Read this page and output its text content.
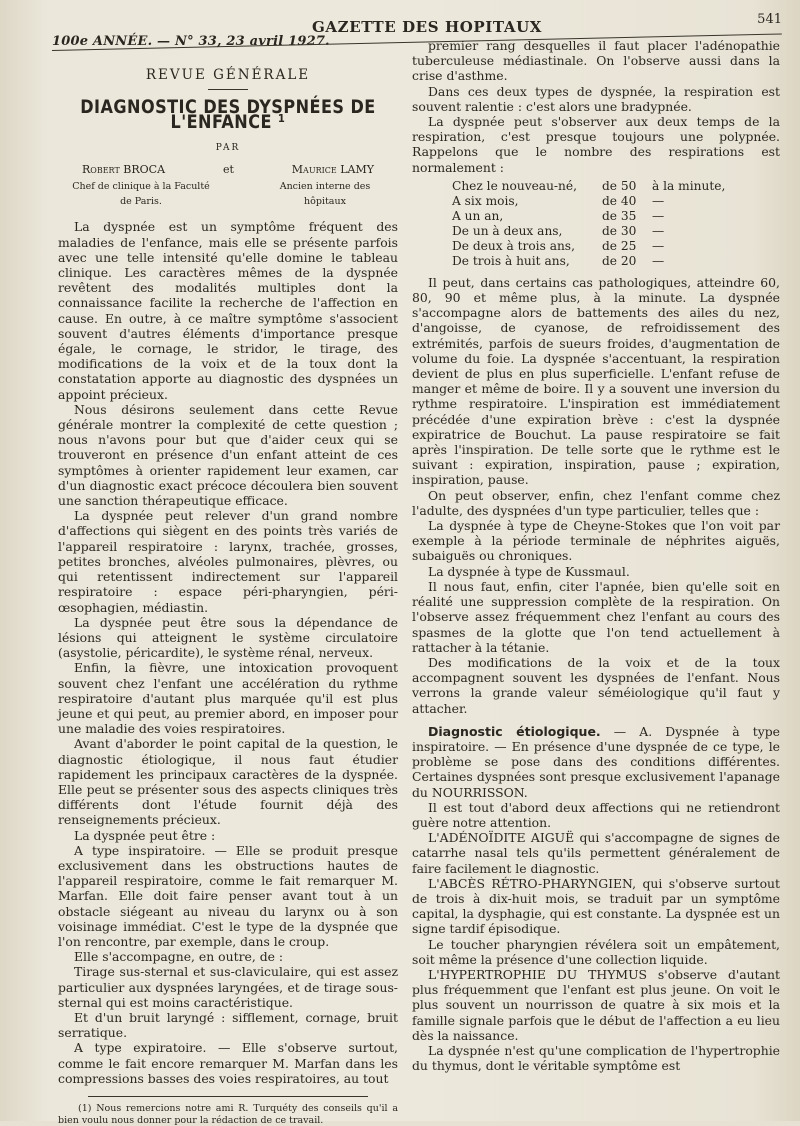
100e ANNÉE. — N° 33, 23 avril 1927.
GAZETTE DES HOPITAUX	541
REVUE GÉNÉRALE
DIAGNOSTIC DES DYSPNÉES DE L'ENFANCE ¹
PAR
Robert BROCA	et	Maurice LAMY
Chef de clinique à la Faculté de Paris.
Ancien interne des hôpitaux

La dyspnée est un symptôme fréquent des maladies de l'enfance, mais elle se présente parfois avec une telle intensité qu'elle domine le tableau clinique. Les caractères mêmes de la dyspnée revêtent des modalités multiples dont la connaissance facilite la recherche de l'affection en cause. En outre, à ce maître symptôme s'associent souvent d'autres éléments d'importance presque égale, le cornage, le stridor, le tirage, des modifications de la voix et de la toux dont la constatation apporte au diagnostic des dyspnées un appoint précieux.

Nous désirons seulement dans cette Revue générale montrer la complexité de cette question ; nous n'avons pour but que d'aider ceux qui se trouveront en présence d'un enfant atteint de ces symptômes à orienter rapidement leur examen, car d'un diagnostic exact précoce découlera bien souvent une sanction thérapeutique efficace.

La dyspnée peut relever d'un grand nombre d'affections qui siègent en des points très variés de l'appareil respiratoire : larynx, trachée, grosses, petites bronches, alvéoles pulmonaires, plèvres, ou qui retentissent indirectement sur l'appareil respiratoire : espace péri-pharyngien, péri-œsophagien, médiastin.

La dyspnée peut être sous la dépendance de lésions qui atteignent le système circulatoire (asystolie, péricardite), le système rénal, nerveux.

Enfin, la fièvre, une intoxication provoquent souvent chez l'enfant une accélération du rythme respiratoire d'autant plus marquée qu'il est plus jeune et qui peut, au premier abord, en imposer pour une maladie des voies respiratoires.

Avant d'aborder le point capital de la question, le diagnostic étiologique, il nous faut étudier rapidement les principaux caractères de la dyspnée. Elle peut se présenter sous des aspects cliniques très différents dont l'étude fournit déjà des renseignements précieux.

La dyspnée peut être :

A type inspiratoire. — Elle se produit presque exclusivement dans les obstructions hautes de l'appareil respiratoire, comme le fait remarquer M. Marfan. Elle doit faire penser avant tout à un obstacle siégeant au niveau du larynx ou à son voisinage immédiat. C'est le type de la dyspnée que l'on rencontre, par exemple, dans le croup.

Elle s'accompagne, en outre, de :

Tirage sus-sternal et sus-claviculaire, qui est assez particulier aux dyspnées laryngées, et de tirage sous-sternal qui est moins caractéristique.

Et d'un bruit laryngé : sifflement, cornage, bruit serratique.

A type expiratoire. — Elle s'observe surtout, comme le fait encore remarquer M. Marfan dans les compressions basses des voies respiratoires, au tout

(1) Nous remercions notre ami R. Turquéty des conseils qu'il a bien voulu nous donner pour la rédaction de ce travail.

premier rang desquelles il faut placer l'adénopathie tuberculeuse médiastinale. On l'observe aussi dans la crise d'asthme.

Dans ces deux types de dyspnée, la respiration est souvent ralentie : c'est alors une bradypnée.

La dyspnée peut s'observer aux deux temps de la respiration, c'est presque toujours une polypnée. Rappelons que le nombre des respirations est normalement :

Chez le nouveau-né,	de 50	à la minute,
A six mois,	de 40	—
A un an,	de 35	—
De un à deux ans,	de 30	—
De deux à trois ans,	de 25	—
De trois à huit ans,	de 20	—

Il peut, dans certains cas pathologiques, atteindre 60, 80, 90 et même plus, à la minute. La dyspnée s'accompagne alors de battements des ailes du nez, d'angoisse, de cyanose, de refroidissement des extrémités, parfois de sueurs froides, d'augmentation de volume du foie. La dyspnée s'accentuant, la respiration devient de plus en plus superficielle. L'enfant refuse de manger et même de boire. Il y a souvent une inversion du rythme respiratoire. L'inspiration est immédiatement précédée d'une expiration brève : c'est la dyspnée expiratrice de Bouchut. La pause respiratoire se fait après l'inspiration. De telle sorte que le rythme est le suivant : expiration, inspiration, pause ; expiration, inspiration, pause.

On peut observer, enfin, chez l'enfant comme chez l'adulte, des dyspnées d'un type particulier, telles que :

La dyspnée à type de Cheyne-Stokes que l'on voit par exemple à la période terminale de néphrites aiguës, subaiguës ou chroniques.

La dyspnée à type de Kussmaul.

Il nous faut, enfin, citer l'apnée, bien qu'elle soit en réalité une suppression complète de la respiration. On l'observe assez fréquemment chez l'enfant au cours des spasmes de la glotte que l'on tend actuellement à rattacher à la tétanie.

Des modifications de la voix et de la toux accompagnent souvent les dyspnées de l'enfant. Nous verrons la grande valeur séméiologique qu'il faut y attacher.

Diagnostic étiologique. — A. Dyspnée à type inspiratoire. — En présence d'une dyspnée de ce type, le problème se pose dans des conditions différentes. Certaines dyspnées sont presque exclusivement l'apanage du NOURRISSON.

Il est tout d'abord deux affections qui ne retiendront guère notre attention.

L'ADÉNOÏDITE AIGUË qui s'accompagne de signes de catarrhe nasal tels qu'ils permettent généralement de faire facilement le diagnostic.

L'ABCÈS RÉTRO-PHARYNGIEN, qui s'observe surtout de trois à dix-huit mois, se traduit par un symptôme capital, la dysphagie, qui est constante. La dyspnée est un signe tardif épisodique.

Le toucher pharyngien révélera soit un empâtement, soit même la présence d'une collection liquide.

L'HYPERTROPHIE DU THYMUS s'observe d'autant plus fréquemment que l'enfant est plus jeune. On voit le plus souvent un nourrisson de quatre à six mois et la famille signale parfois que le début de l'affection a eu lieu dès la naissance.

La dyspnée n'est qu'une complication de l'hypertrophie du thymus, dont le véritable symptôme est
